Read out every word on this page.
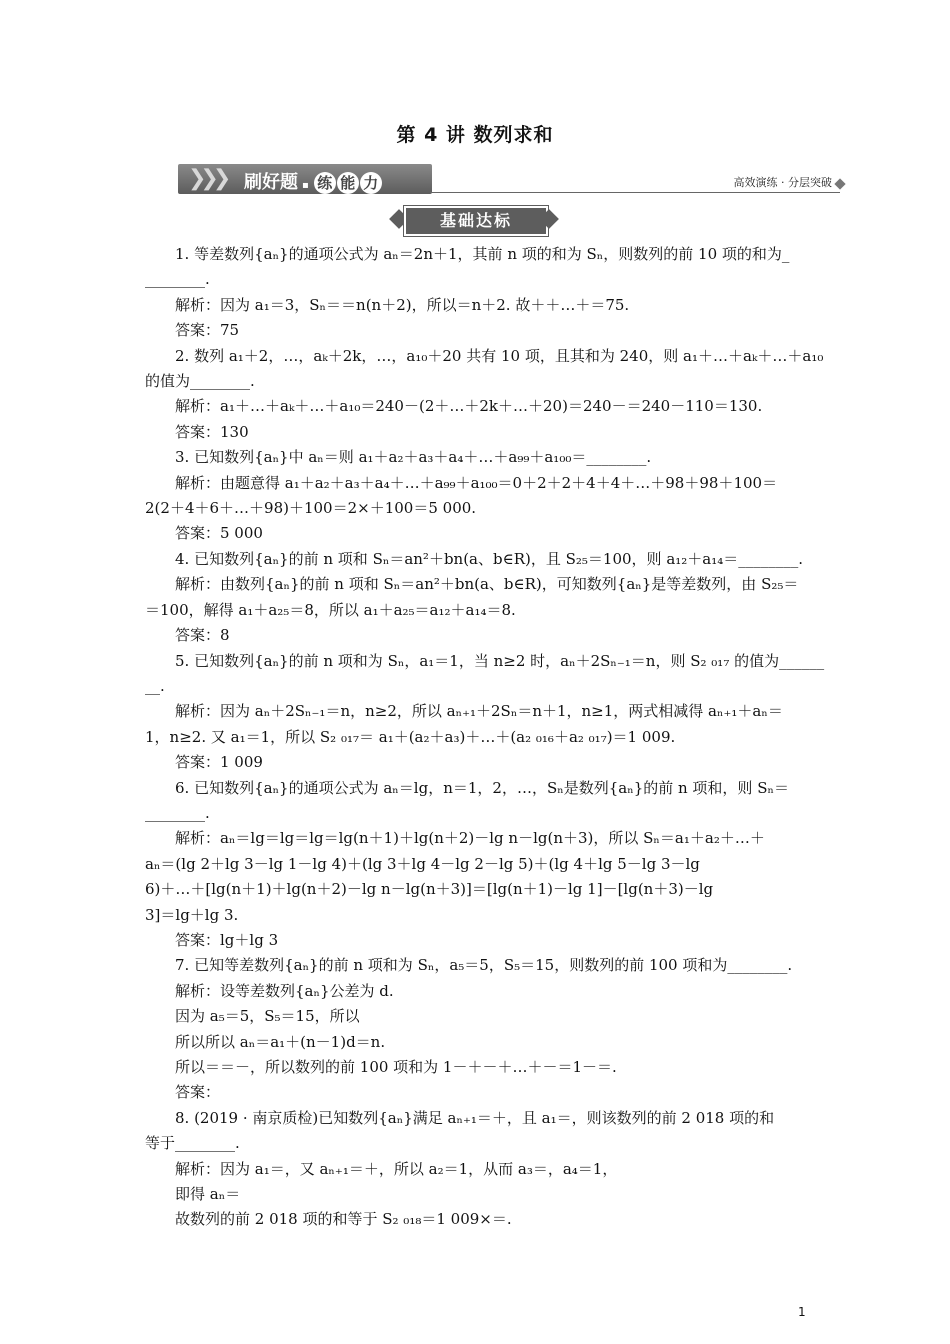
第 4 讲 数列求和
❯❯❯ 刷好题 ▪ 练 能 力	高效演练 · 分层突破
基础达标

1. 等差数列{aₙ}的通项公式为 aₙ＝2n＋1，其前 n 项的和为 Sₙ，则数列的前 10 项的和为_

________.

解析：因为 a₁＝3，Sₙ＝＝n(n＋2)，所以＝n＋2. 故＋＋…＋＝75.

答案：75

2. 数列 a₁＋2，…，aₖ＋2k，…，a₁₀＋20 共有 10 项，且其和为 240，则 a₁＋…＋aₖ＋…＋a₁₀

的值为________.

解析：a₁＋…＋aₖ＋…＋a₁₀＝240－(2＋…＋2k＋…＋20)＝240－＝240－110＝130.

答案：130

3. 已知数列{aₙ}中 aₙ＝则 a₁＋a₂＋a₃＋a₄＋…＋a₉₉＋a₁₀₀＝________.

解析：由题意得 a₁＋a₂＋a₃＋a₄＋…＋a₉₉＋a₁₀₀＝0＋2＋2＋4＋4＋…＋98＋98＋100＝

2(2＋4＋6＋…＋98)＋100＝2×＋100＝5 000.

答案：5 000

4. 已知数列{aₙ}的前 n 项和 Sₙ＝an²＋bn(a、b∈R)，且 S₂₅＝100，则 a₁₂＋a₁₄＝________.

解析：由数列{aₙ}的前 n 项和 Sₙ＝an²＋bn(a、b∈R)，可知数列{aₙ}是等差数列，由 S₂₅＝

＝100，解得 a₁＋a₂₅＝8，所以 a₁＋a₂₅＝a₁₂＋a₁₄＝8.

答案：8

5. 已知数列{aₙ}的前 n 项和为 Sₙ，a₁＝1，当 n≥2 时，aₙ＋2Sₙ₋₁＝n，则 S₂ ₀₁₇ 的值为______

__.

解析：因为 aₙ＋2Sₙ₋₁＝n，n≥2，所以 aₙ₊₁＋2Sₙ＝n＋1，n≥1，两式相减得 aₙ₊₁＋aₙ＝

1，n≥2. 又 a₁＝1，所以 S₂ ₀₁₇＝ a₁＋(a₂＋a₃)＋…＋(a₂ ₀₁₆＋a₂ ₀₁₇)＝1 009.

答案：1 009

6. 已知数列{aₙ}的通项公式为 aₙ＝lg，n＝1，2，…，Sₙ是数列{aₙ}的前 n 项和，则 Sₙ＝

________.

解析：aₙ＝lg＝lg＝lg＝lg(n＋1)＋lg(n＋2)－lg n－lg(n＋3)，所以 Sₙ＝a₁＋a₂＋…＋

aₙ＝(lg 2＋lg 3－lg 1－lg 4)＋(lg 3＋lg 4－lg 2－lg 5)＋(lg 4＋lg 5－lg 3－lg

6)＋…＋[lg(n＋1)＋lg(n＋2)－lg n－lg(n＋3)]＝[lg(n＋1)－lg 1]－[lg(n＋3)－lg

3]＝lg＋lg 3.

答案：lg＋lg 3

7. 已知等差数列{aₙ}的前 n 项和为 Sₙ，a₅＝5，S₅＝15，则数列的前 100 项和为________.

解析：设等差数列{aₙ}公差为 d.

因为 a₅＝5，S₅＝15，所以

所以所以 aₙ＝a₁＋(n－1)d＝n.

所以＝＝－，所以数列的前 100 项和为 1－＋－＋…＋－＝1－＝.

答案：

8. (2019 · 南京质检)已知数列{aₙ}满足 aₙ₊₁＝＋，且 a₁＝，则该数列的前 2 018 项的和

等于________.

解析：因为 a₁＝，又 aₙ₊₁＝＋，所以 a₂＝1，从而 a₃＝，a₄＝1，

即得 aₙ＝

故数列的前 2 018 项的和等于 S₂ ₀₁₈＝1 009×＝.

1
